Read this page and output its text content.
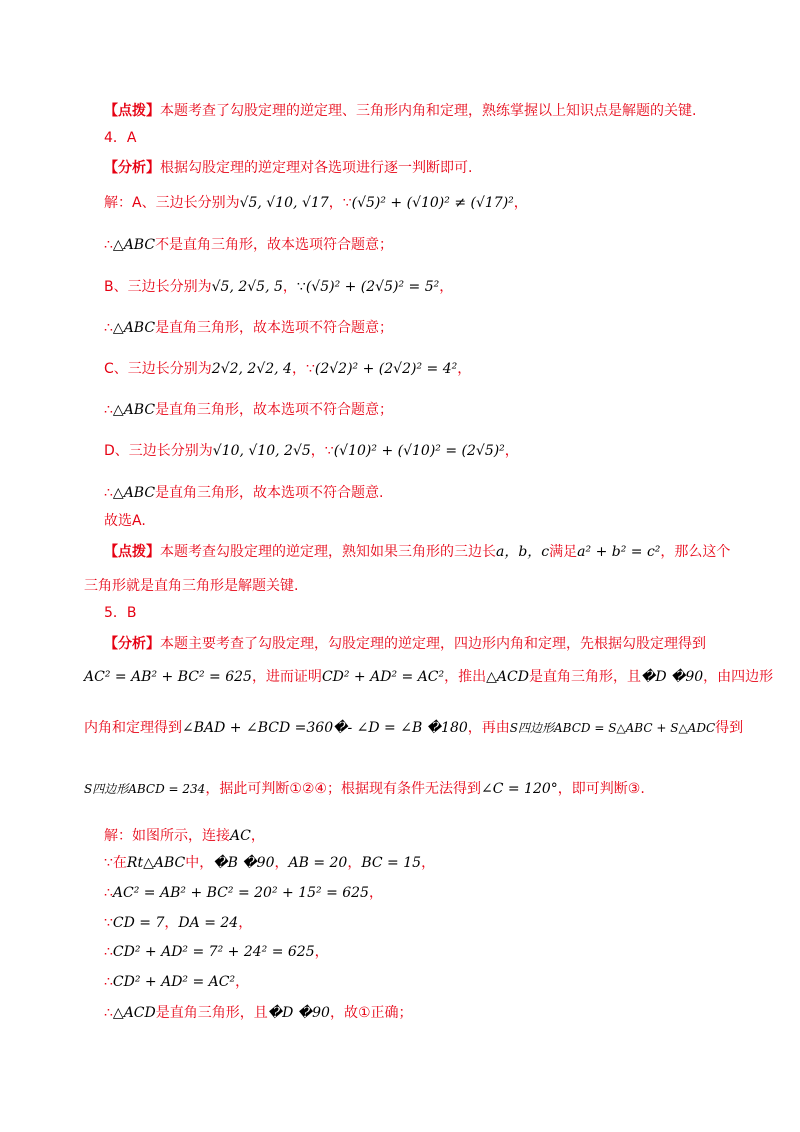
【点拨】本题考查了勾股定理的逆定理、三角形内角和定理，熟练掌握以上知识点是解题的关键.
4．A
【分析】根据勾股定理的逆定理对各选项进行逐一判断即可.
解：A、三边长分别为√5, √10, √17，∵(√5)² + (√10)² ≠ (√17)²，
∴△ABC不是直角三角形，故本选项符合题意；
B、三边长分别为√5, 2√5, 5，∵(√5)² + (2√5)² = 5²，
∴△ABC是直角三角形，故本选项不符合题意；
C、三边长分别为2√2, 2√2, 4，∵(2√2)² + (2√2)² = 4²，
∴△ABC是直角三角形，故本选项不符合题意；
D、三边长分别为√10, √10, 2√5，∵(√10)² + (√10)² = (2√5)²，
∴△ABC是直角三角形，故本选项不符合题意.
故选A.
【点拨】本题考查勾股定理的逆定理，熟知如果三角形的三边长a，b，c满足a² + b² = c²，那么这个
三角形就是直角三角形是解题关键.
5．B
【分析】本题主要考查了勾股定理，勾股定理的逆定理，四边形内角和定理，先根据勾股定理得到
AC² = AB² + BC² = 625，进而证明CD² + AD² = AC²，推出△ACD是直角三角形，且�D �90，由四边形
内角和定理得到∠BAD + ∠BCD =360�- ∠D = ∠B �180，再由S四边形ABCD = S△ABC + S△ADC得到
S四边形ABCD = 234，据此可判断①②④；根据现有条件无法得到∠C = 120°，即可判断③.
解：如图所示，连接AC，
∵在Rt△ABC中，�B �90，AB = 20，BC = 15，
∴AC² = AB² + BC² = 20² + 15² = 625，
∵CD = 7，DA = 24，
∴CD² + AD² = 7² + 24² = 625，
∴CD² + AD² = AC²，
∴△ACD是直角三角形，且�D �90，故①正确；
